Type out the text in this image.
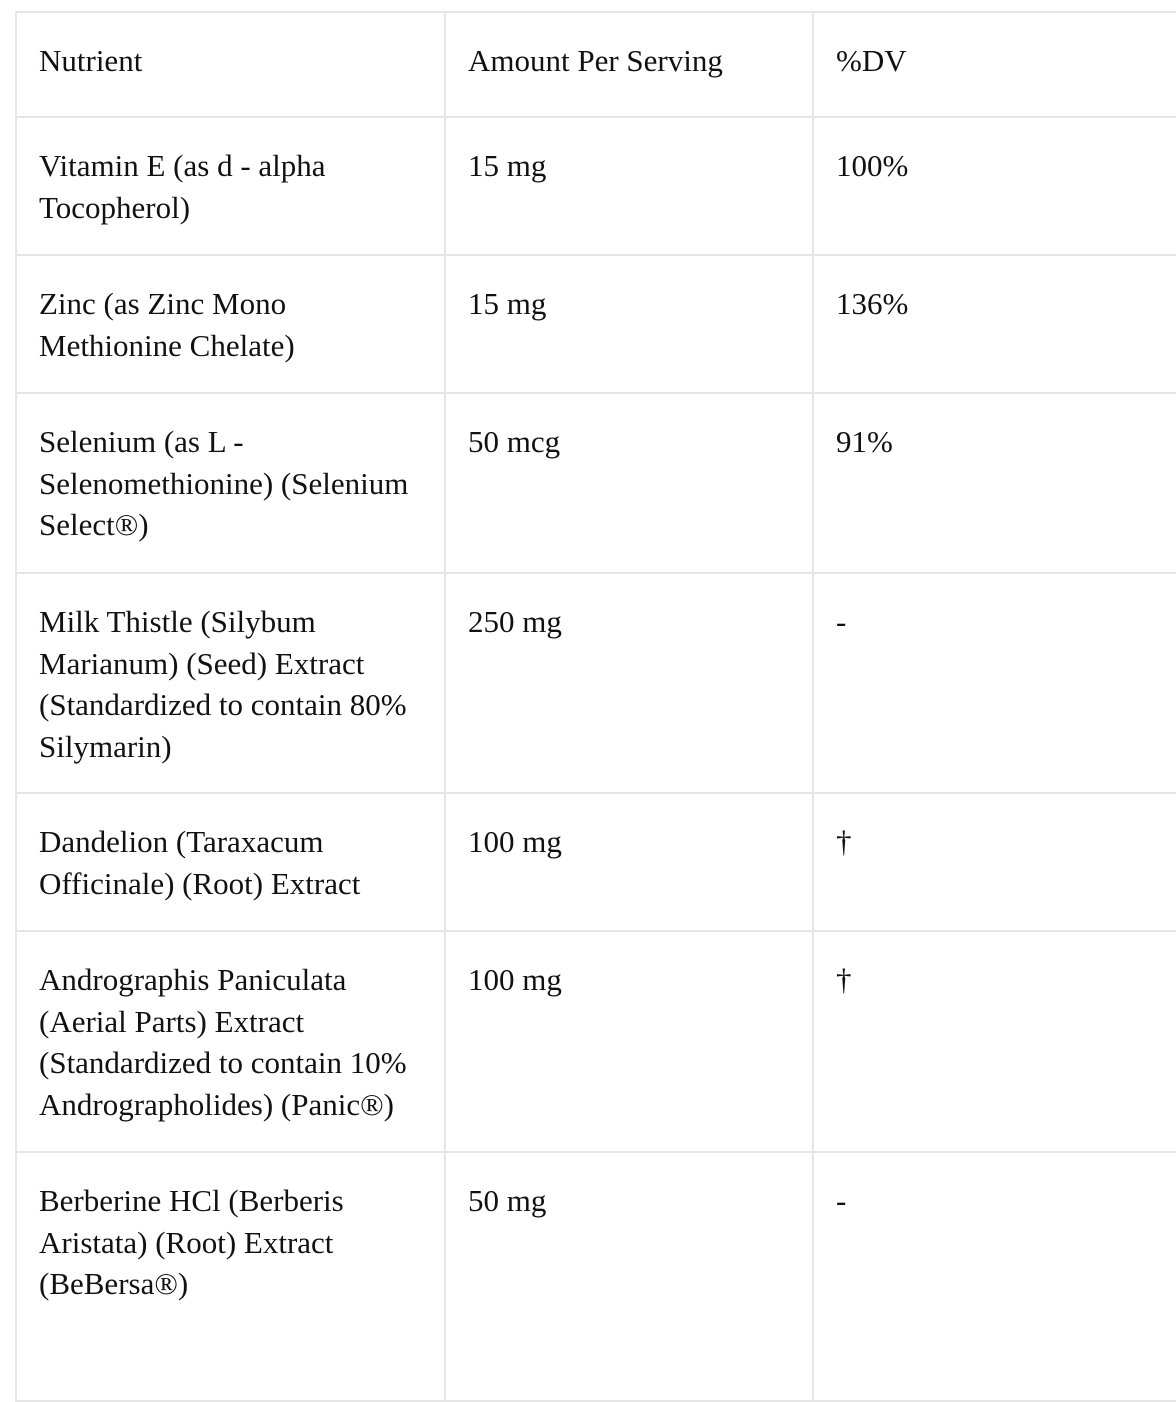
Nutrient	Amount Per Serving	%DV
Vitamin E (as d - alpha Tocopherol)	15 mg	100%
Zinc (as Zinc Mono Methionine Chelate)	15 mg	136%
Selenium (as L - Selenomethionine) (Selenium Select®)	50 mcg	91%
Milk Thistle (Silybum Marianum) (Seed) Extract (Standardized to contain 80% Silymarin)	250 mg	-
Dandelion (Taraxacum Officinale) (Root) Extract	100 mg	†
Andrographis Paniculata (Aerial Parts) Extract (Standardized to contain 10% Andrographolides) (Panic®)	100 mg	†
Berberine HCl (Berberis Aristata) (Root) Extract (BeBersa®)	50 mg	-
